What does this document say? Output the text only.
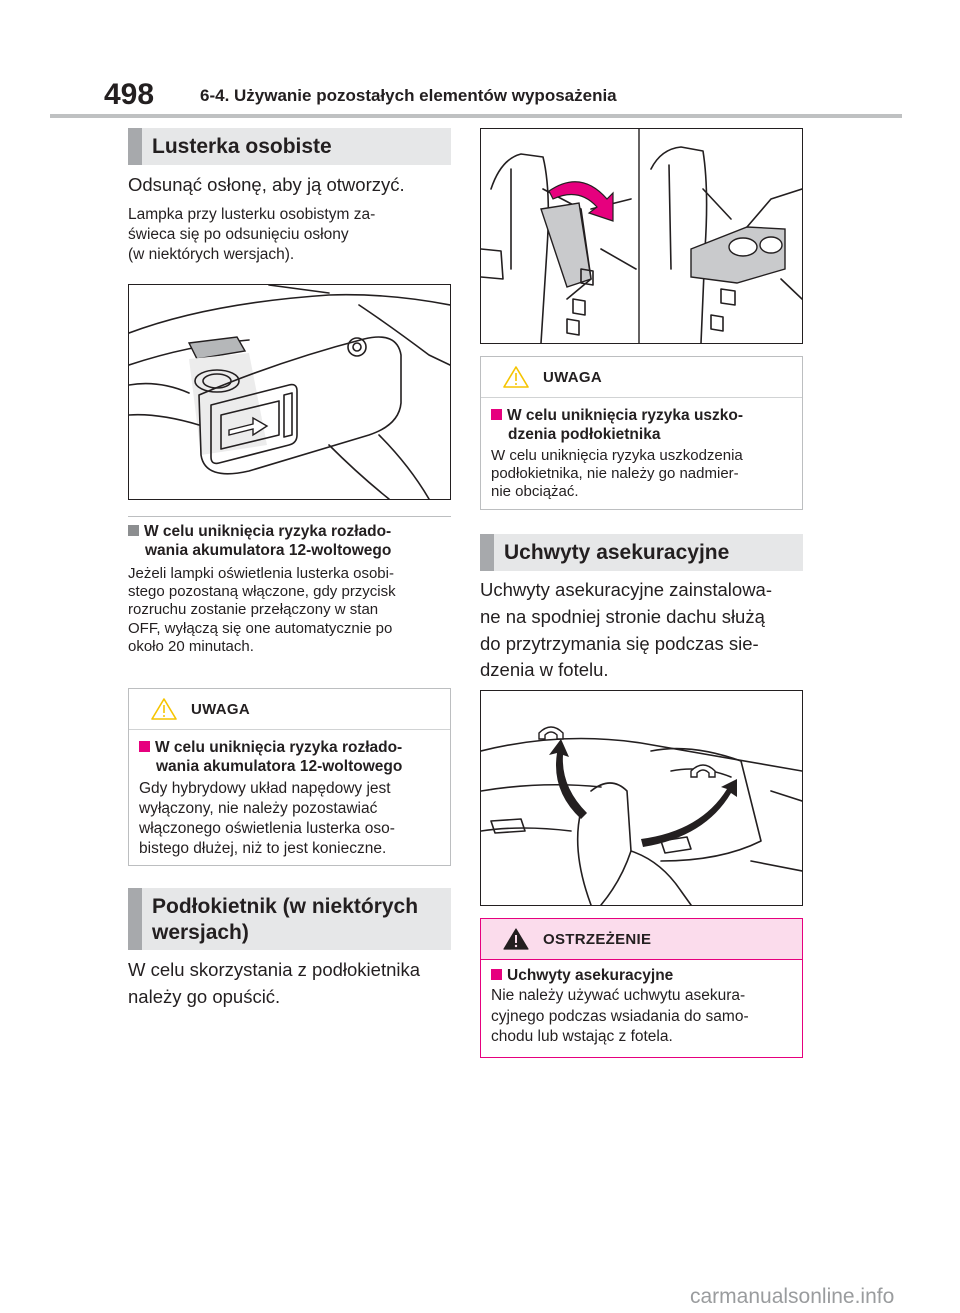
498	6-4. Używanie pozostałych elementów wyposażenia
Lusterka osobiste
Odsunąć osłonę, aby ją otworzyć.
Lampka przy lusterku osobistym za-
świeca się po odsunięciu osłony
(w niektórych wersjach).
W celu uniknięcia ryzyka rozłado-
wania akumulatora 12-woltowego
Jeżeli lampki oświetlenia lusterka osobi-
stego pozostaną włączone, gdy przycisk
rozruchu zostanie przełączony w stan
OFF, wyłączą się one automatycznie po
około 20 minutach.
UWAGA
W celu uniknięcia ryzyka rozłado-
wania akumulatora 12-woltowego
Gdy hybrydowy układ napędowy jest
wyłączony, nie należy pozostawiać
włączonego oświetlenia lusterka oso-
bistego dłużej, niż to jest konieczne.
Podłokietnik (w niektórych
wersjach)
W celu skorzystania z podłokietnika
należy go opuścić.
UWAGA
W celu uniknięcia ryzyka uszko-
dzenia podłokietnika
W celu uniknięcia ryzyka uszkodzenia
podłokietnika, nie należy go nadmier-
nie obciążać.
Uchwyty asekuracyjne
Uchwyty asekuracyjne zainstalowa-
ne na spodniej stronie dachu służą
do przytrzymania się podczas sie-
dzenia w fotelu.
OSTRZEŻENIE
Uchwyty asekuracyjne
Nie należy używać uchwytu asekura-
cyjnego podczas wsiadania do samo-
chodu lub wstając z fotela.
carmanualsonline.info
